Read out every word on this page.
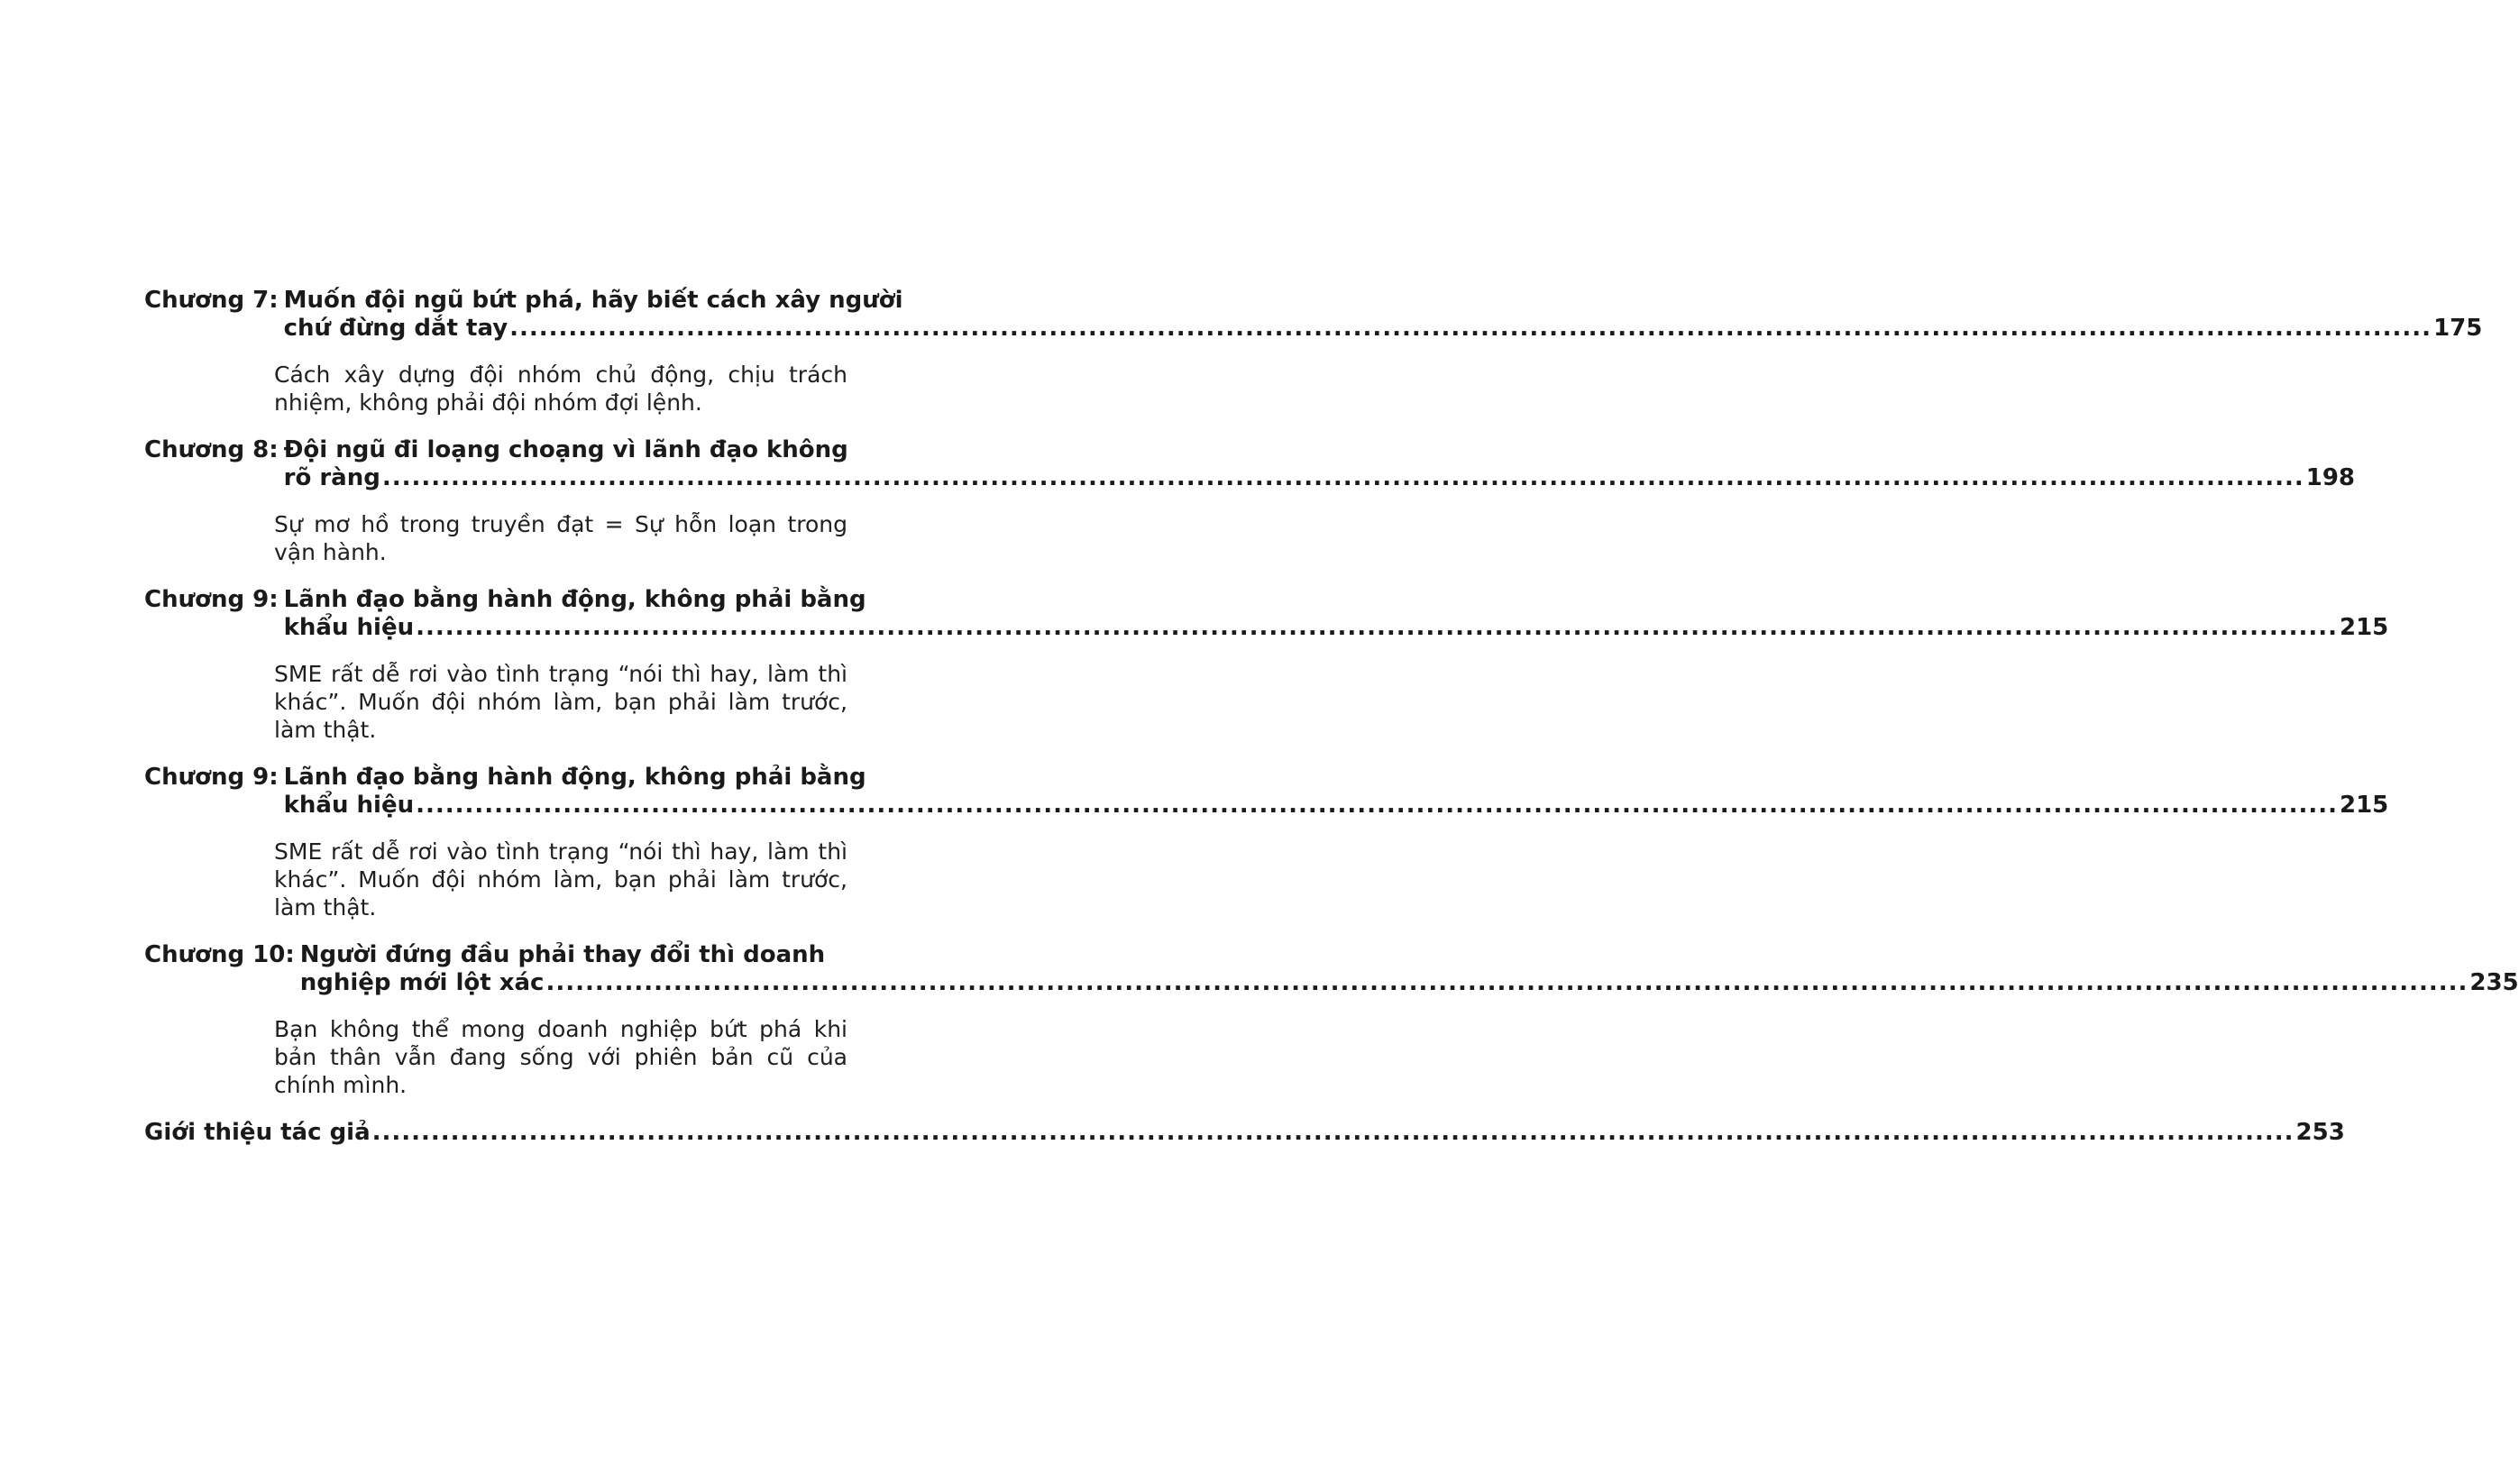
Chương 7: Muốn đội ngũ bứt phá, hãy biết cách xây người
chứ đừng dắt tay .....	175
Cách xây dựng đội nhóm chủ động, chịu trách nhiệm, không phải đội nhóm đợi lệnh.
Chương 8: Đội ngũ đi loạng choạng vì lãnh đạo không
rõ ràng .....	198
Sự mơ hồ trong truyền đạt = Sự hỗn loạn trong vận hành.
Chương 9: Lãnh đạo bằng hành động, không phải bằng
khẩu hiệu .....	215
SME rất dễ rơi vào tình trạng “nói thì hay, làm thì khác”. Muốn đội nhóm làm, bạn phải làm trước, làm thật.
Chương 9: Lãnh đạo bằng hành động, không phải bằng
khẩu hiệu .....	215
SME rất dễ rơi vào tình trạng “nói thì hay, làm thì khác”. Muốn đội nhóm làm, bạn phải làm trước, làm thật.
Chương 10: Người đứng đầu phải thay đổi thì doanh
nghiệp mới lột xác .....	235
Bạn không thể mong doanh nghiệp bứt phá khi bản thân vẫn đang sống với phiên bản cũ của chính mình.
Giới thiệu tác giả .....	253
